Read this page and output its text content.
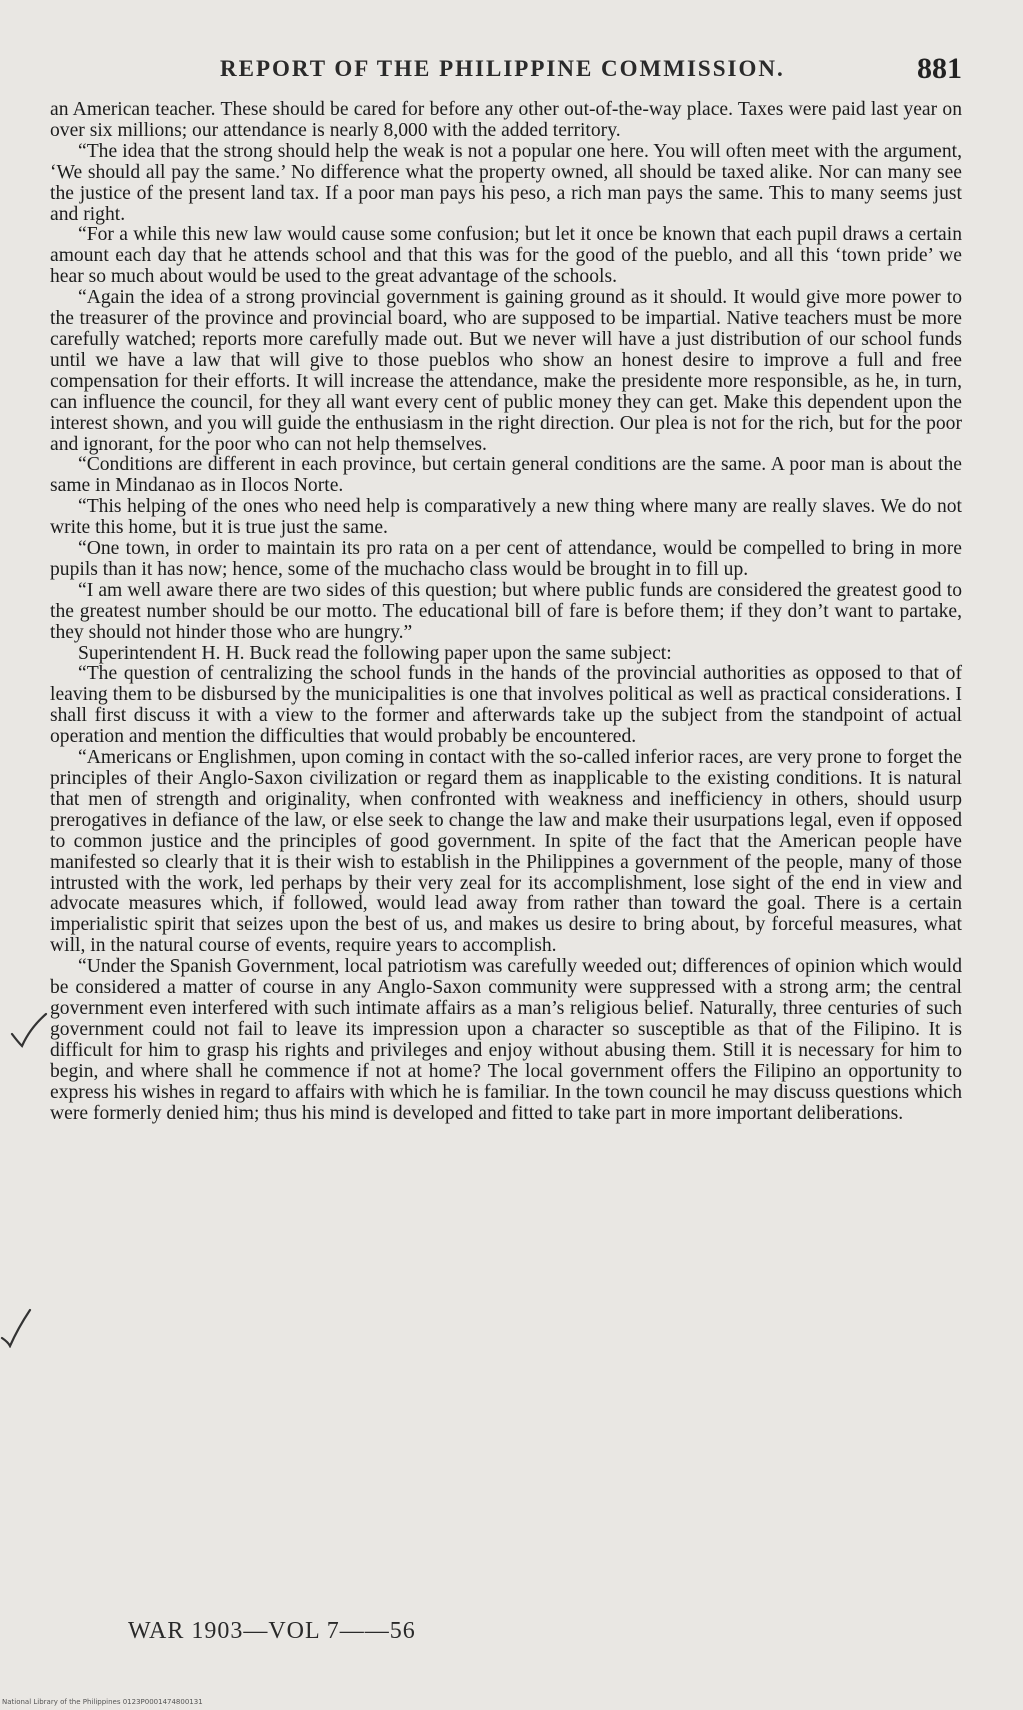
REPORT OF THE PHILIPPINE COMMISSION.	881

an American teacher. These should be cared for before any other out-of-the-way place. Taxes were paid last year on over six millions; our attendance is nearly 8,000 with the added territory.

“The idea that the strong should help the weak is not a popular one here. You will often meet with the argument, ‘We should all pay the same.’ No difference what the property owned, all should be taxed alike. Nor can many see the justice of the present land tax. If a poor man pays his peso, a rich man pays the same. This to many seems just and right.

“For a while this new law would cause some confusion; but let it once be known that each pupil draws a certain amount each day that he attends school and that this was for the good of the pueblo, and all this ‘town pride’ we hear so much about would be used to the great advantage of the schools.

“Again the idea of a strong provincial government is gaining ground as it should. It would give more power to the treasurer of the province and provincial board, who are supposed to be impartial. Native teachers must be more carefully watched; reports more carefully made out. But we never will have a just distribution of our school funds until we have a law that will give to those pueblos who show an honest desire to improve a full and free compensation for their efforts. It will increase the attendance, make the presidente more responsible, as he, in turn, can influence the council, for they all want every cent of public money they can get. Make this dependent upon the interest shown, and you will guide the enthusiasm in the right direction. Our plea is not for the rich, but for the poor and ignorant, for the poor who can not help themselves.

“Conditions are different in each province, but certain general conditions are the same. A poor man is about the same in Mindanao as in Ilocos Norte.

“This helping of the ones who need help is comparatively a new thing where many are really slaves. We do not write this home, but it is true just the same.

“One town, in order to maintain its pro rata on a per cent of attendance, would be compelled to bring in more pupils than it has now; hence, some of the muchacho class would be brought in to fill up.

“I am well aware there are two sides of this question; but where public funds are considered the greatest good to the greatest number should be our motto. The educational bill of fare is before them; if they don’t want to partake, they should not hinder those who are hungry.”

Superintendent H. H. Buck read the following paper upon the same subject:

“The question of centralizing the school funds in the hands of the provincial authorities as opposed to that of leaving them to be disbursed by the municipalities is one that involves political as well as practical considerations. I shall first discuss it with a view to the former and afterwards take up the subject from the standpoint of actual operation and mention the difficulties that would probably be encountered.

“Americans or Englishmen, upon coming in contact with the so-called inferior races, are very prone to forget the principles of their Anglo-Saxon civilization or regard them as inapplicable to the existing conditions. It is natural that men of strength and originality, when confronted with weakness and inefficiency in others, should usurp prerogatives in defiance of the law, or else seek to change the law and make their usurpations legal, even if opposed to common justice and the principles of good government. In spite of the fact that the American people have manifested so clearly that it is their wish to establish in the Philippines a government of the people, many of those intrusted with the work, led perhaps by their very zeal for its accomplishment, lose sight of the end in view and advocate measures which, if followed, would lead away from rather than toward the goal. There is a certain imperialistic spirit that seizes upon the best of us, and makes us desire to bring about, by forceful measures, what will, in the natural course of events, require years to accomplish.

“Under the Spanish Government, local patriotism was carefully weeded out; differences of opinion which would be considered a matter of course in any Anglo-Saxon community were suppressed with a strong arm; the central government even interfered with such intimate affairs as a man’s religious belief. Naturally, three centuries of such government could not fail to leave its impression upon a character so susceptible as that of the Filipino. It is difficult for him to grasp his rights and privileges and enjoy without abusing them. Still it is necessary for him to begin, and where shall he commence if not at home? The local government offers the Filipino an opportunity to express his wishes in regard to affairs with which he is familiar. In the town council he may discuss questions which were formerly denied him; thus his mind is developed and fitted to take part in more important deliberations.

WAR 1903—VOL 7——56
National Library of the Philippines 0123P0001474800131
